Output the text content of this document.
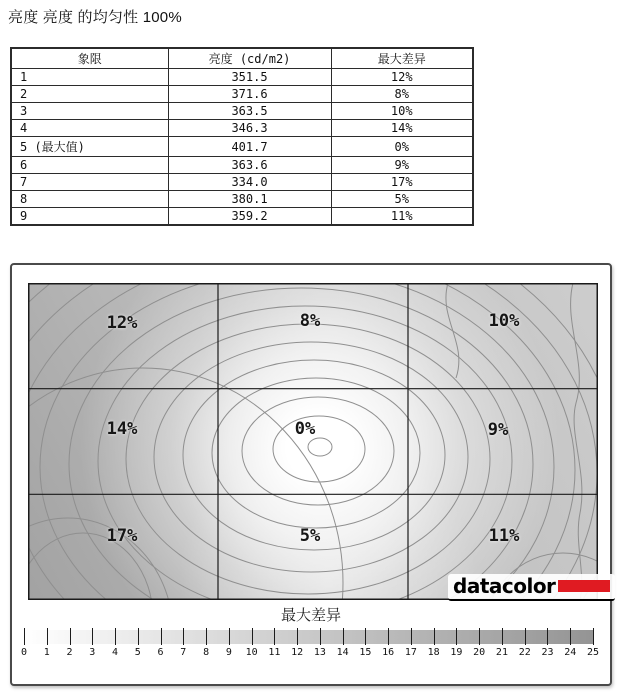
亮度 亮度 的均匀性 100%
象限	亮度 (cd/m2)	最大差异
1	351.5	12%
2	371.6	8%
3	363.5	10%
4	346.3	14%
5 (最大值)	401.7	0%
6	363.6	9%
7	334.0	17%
8	380.1	5%
9	359.2	11%
12%	8%	10%
14%	0%	9%
17%	5%	11%
datacolor
最大差异
0 1 2 3 4 5 6 7 8 9 10 11 12 13 14 15 16 17 18 19 20 21 22 23 24 25
